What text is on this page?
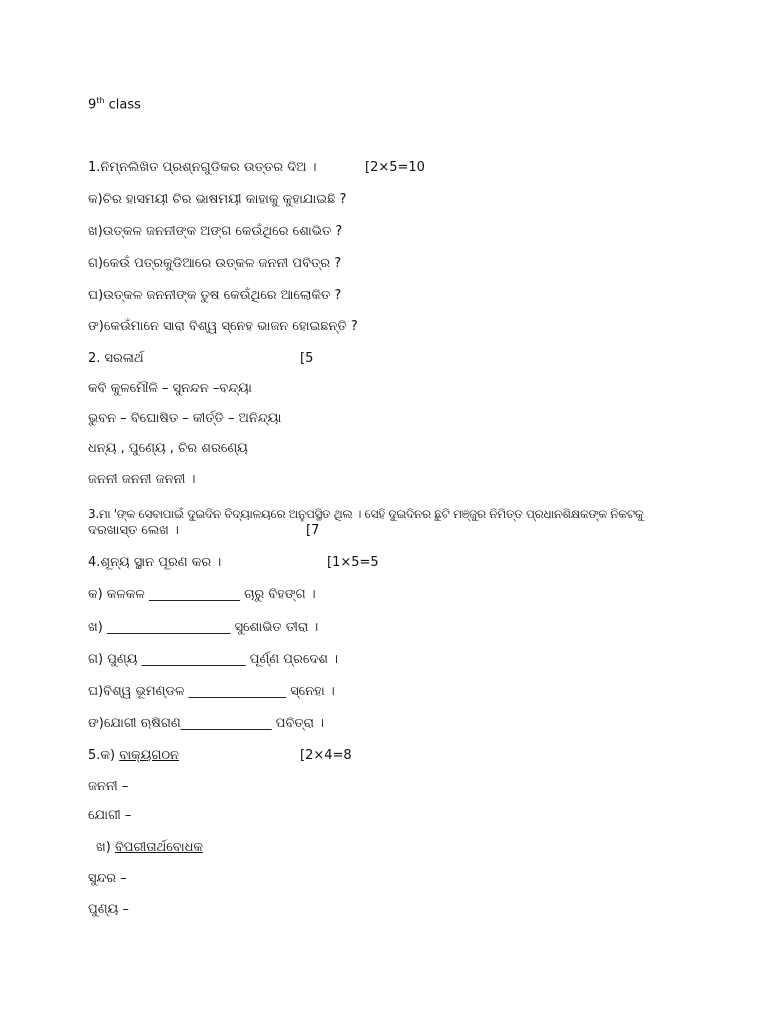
9th class
1.ନିମ୍ନଲିଖିତ ପ୍ରଶ୍ନଗୁଡିକର ଉତ୍ତର ଦିଅ ।	[2×5=10
କ)ଚିର ହାସମୟୀ ଚିର ଭାଷମୟୀ କାହାକୁ କୁହାଯାଇଛି ?
ଖ)ଉତ୍କଳ ଜନନୀଙ୍କ ଅଙ୍ଗ କେଉଁଥିରେ ଶୋଭିତ ?
ଗ)କେଉଁ ପତ୍ରକୁଡିଆରେ ଉତ୍କଳ ଜନନୀ ପବିତ୍ର ?
ଘ)ଉତ୍କଳ ଜନନୀଙ୍କ ତୁଷ କେଉଁଥିରେ ଆଲୋକିତ ?
ଙ)କେଉଁମାନେ ସାରା ବିଶ୍ୱ ସ୍ନେହ ଭାଜନ ହୋଇଛନ୍ତି ?
2. ସରଳାର୍ଥ	[5
କବି କୁଳମୌଳି – ସୁନନ୍ଦନ –ବନ୍ଦ୍ୟା
ଭୁବନ – ବିଘୋଷିତ – କୀର୍ତ୍ତି – ଅନିନ୍ଦ୍ୟା
ଧନ୍ୟ , ପୁଣ୍ୟେ , ଚିର ଶରଣ୍ୟେ
ଜନନୀ ଜନନୀ ଜନନୀ ।
3.ମା 'ଙ୍କ ସେବାପାଇଁ ଦୁଇଦିନ ବିଦ୍ୟାଳୟରେ ଅନୁପସ୍ଥିତ ଥିଲ । ସେହି ଦୁଇଦିନର ଛୁଟି ମଞ୍ଜୁର ନିମିତ୍ତ ପ୍ରଧାନଶିକ୍ଷକଙ୍କ ନିକଟକୁ
ଦରଖାସ୍ତ ଲେଖ ।	[7
4.ଶୂନ୍ୟ ସ୍ଥାନ ପୂରଣ କର ।	[1×5=5
କ) କଳକଳ ______________ ଚାରୁ ବିହଙ୍ଗ ।
ଖ) ___________________ ସୁଶୋଭିତ ତୀରା ।
ଗ) ପୁଣ୍ୟ ________________ ପୂର୍ଣ୍ଣ ପ୍ରଦେଶ ।
ଘ)ବିଶ୍ୱ ଭୂମଣ୍ଡଳ _______________ ସ୍ନେହା ।
ଙ)ଯୋଗୀ ଋଷିଗଣ______________ ପବିତ୍ରା ।
5.କ) ବାକ୍ୟଗଠନ	[2×4=8
ଜନନୀ –
ଯୋଗୀ –
ଖ) ବିପରୀତାର୍ଥବୋଧକ
ସୁନ୍ଦର –
ପୁଣ୍ୟ –
